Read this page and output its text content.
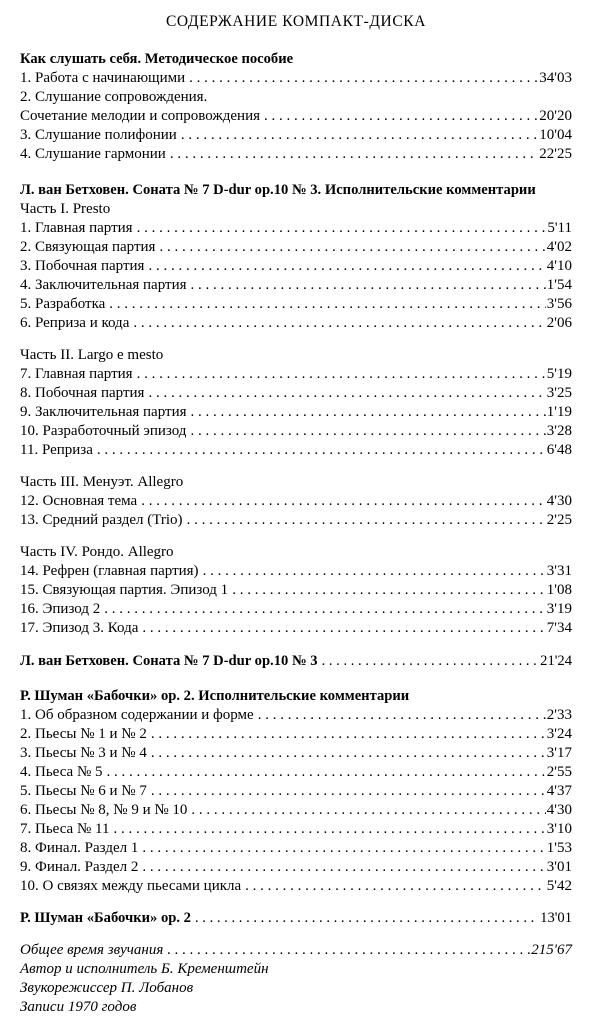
СОДЕРЖАНИЕ КОМПАКТ-ДИСКА
Как слушать себя. Методическое пособие
1. Работа с начинающими . . .	34'03
2. Слушание сопровождения.
Сочетание мелодии и сопровождения . . .	20'20
3. Слушание полифонии . . .	10'04
4. Слушание гармонии . . .	22'25
Л. ван Бетховен. Соната № 7 D-dur op.10 № 3. Исполнительские комментарии
Часть I. Presto
1. Главная партия . . .	5'11
2. Связующая партия . . .	4'02
3. Побочная партия . . .	4'10
4. Заключительная партия . . .	1'54
5. Разработка . . .	3'56
6. Реприза и кода . . .	2'06
Часть II. Largo e mesto
7. Главная партия . . .	5'19
8. Побочная партия . . .	3'25
9. Заключительная партия . . .	1'19
10. Разработочный эпизод . . .	3'28
11. Реприза . . .	6'48
Часть III. Менуэт. Allegro
12. Основная тема . . .	4'30
13. Средний раздел (Trio) . . .	2'25
Часть IV. Рондо. Allegro
14. Рефрен (главная партия) . . .	3'31
15. Связующая партия. Эпизод 1 . . .	1'08
16. Эпизод 2 . . .	3'19
17. Эпизод 3. Кода . . .	7'34
Л. ван Бетховен. Соната № 7 D-dur op.10 № 3 . . .	21'24
Р. Шуман «Бабочки» op. 2. Исполнительские комментарии
1. Об образном содержании и форме . . .	2'33
2. Пьесы № 1 и № 2 . . .	3'24
3. Пьесы № 3 и № 4 . . .	3'17
4. Пьеса № 5 . . .	2'55
5. Пьесы № 6 и № 7 . . .	4'37
6. Пьесы № 8, № 9 и № 10 . . .	4'30
7. Пьеса № 11 . . .	3'10
8. Финал. Раздел 1 . . .	1'53
9. Финал. Раздел 2 . . .	3'01
10. О связях между пьесами цикла . . .	5'42
Р. Шуман «Бабочки» op. 2 . . .	13'01
Общее время звучания . . .	215'67
Автор и исполнитель Б. Кременштейн
Звукорежиссер П. Лобанов
Записи 1970 годов
